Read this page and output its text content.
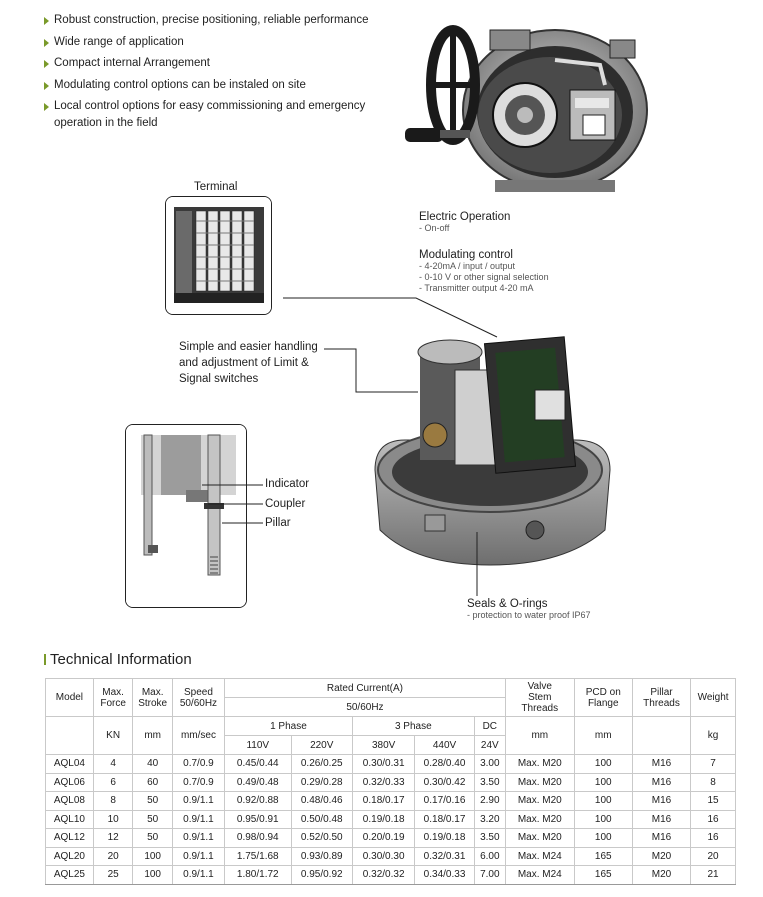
Robust construction, precise positioning, reliable performance
Wide range of application
Compact internal Arrangement
Modulating control options can be instaled on site
Local control options for easy commissioning and emergency
operation in the field
Terminal
Electric Operation
- On-off
Modulating control
- 4-20mA / input / output
- 0-10 V or other signal selection
- Transmitter output 4-20 mA
Simple and easier handling
and adjustment of Limit &
Signal switches
Indicator
Coupler
Pillar
Seals & O-rings
- protection to water proof IP67
Technical Information
Model	Max. Force	Max. Stroke	Speed 50/60Hz	Rated Current(A)					Valve
Stem
Threads	PCD on Flange	Pillar Threads	Weight
				50/60Hz								
	KN	mm	mm/sec	1 Phase		3 Phase		DC	mm	mm		kg
				110V	220V	380V	440V	24V				
AQL04	4	40	0.7/0.9	0.45/0.44	0.26/0.25	0.30/0.31	0.28/0.40	3.00	Max. M20	100	M16	7
AQL06	6	60	0.7/0.9	0.49/0.48	0.29/0.28	0.32/0.33	0.30/0.42	3.50	Max. M20	100	M16	8
AQL08	8	50	0.9/1.1	0.92/0.88	0.48/0.46	0.18/0.17	0.17/0.16	2.90	Max. M20	100	M16	15
AQL10	10	50	0.9/1.1	0.95/0.91	0.50/0.48	0.19/0.18	0.18/0.17	3.20	Max. M20	100	M16	16
AQL12	12	50	0.9/1.1	0.98/0.94	0.52/0.50	0.20/0.19	0.19/0.18	3.50	Max. M20	100	M16	16
AQL20	20	100	0.9/1.1	1.75/1.68	0.93/0.89	0.30/0.30	0.32/0.31	6.00	Max. M24	165	M20	20
AQL25	25	100	0.9/1.1	1.80/1.72	0.95/0.92	0.32/0.32	0.34/0.33	7.00	Max. M24	165	M20	21
